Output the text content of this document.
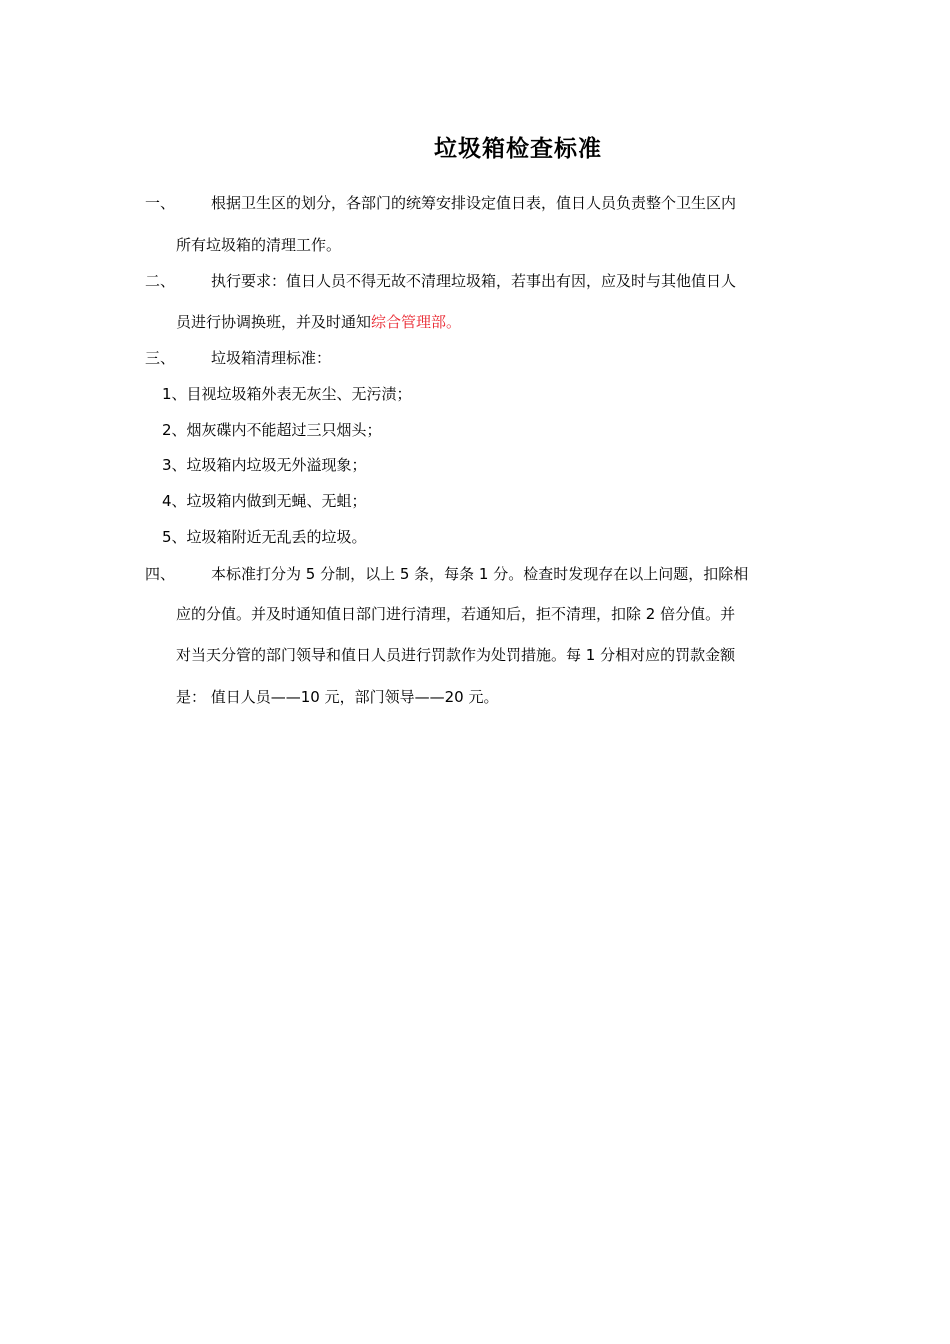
垃圾箱检查标准
一、 根据卫生区的划分，各部门的统筹安排设定值日表，值日人员负责整个卫生区内
所有垃圾箱的清理工作。
二、 执行要求：值日人员不得无故不清理垃圾箱，若事出有因，应及时与其他值日人
员进行协调换班，并及时通知综合管理部。
三、 垃圾箱清理标准：
1、目视垃圾箱外表无灰尘、无污渍；
2、烟灰碟内不能超过三只烟头；
3、垃圾箱内垃圾无外溢现象；
4、垃圾箱内做到无蝇、无蛆；
5、垃圾箱附近无乱丢的垃圾。
四、 本标准打分为 5 分制，以上 5 条，每条 1 分。检查时发现存在以上问题，扣除相
应的分值。并及时通知值日部门进行清理，若通知后，拒不清理，扣除 2 倍分值。并
对当天分管的部门领导和值日人员进行罚款作为处罚措施。每 1 分相对应的罚款金额
是： 值日人员——10 元，部门领导——20 元。
